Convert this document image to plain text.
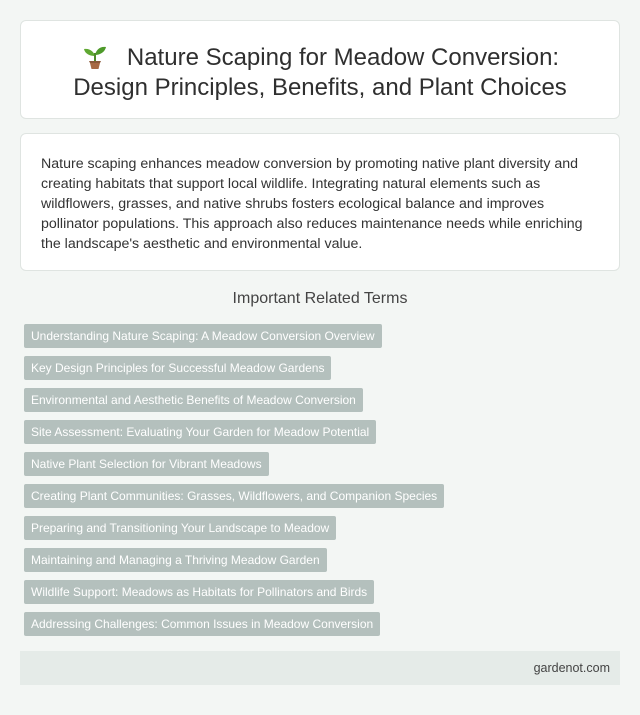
Nature Scaping for Meadow Conversion:
Design Principles, Benefits, and Plant Choices

Nature scaping enhances meadow conversion by promoting native plant diversity and creating habitats that support local wildlife. Integrating natural elements such as wildflowers, grasses, and native shrubs fosters ecological balance and improves pollinator populations. This approach also reduces maintenance needs while enriching the landscape's aesthetic and environmental value.

Important Related Terms
Understanding Nature Scaping: A Meadow Conversion Overview
Key Design Principles for Successful Meadow Gardens
Environmental and Aesthetic Benefits of Meadow Conversion
Site Assessment: Evaluating Your Garden for Meadow Potential
Native Plant Selection for Vibrant Meadows
Creating Plant Communities: Grasses, Wildflowers, and Companion Species
Preparing and Transitioning Your Landscape to Meadow
Maintaining and Managing a Thriving Meadow Garden
Wildlife Support: Meadows as Habitats for Pollinators and Birds
Addressing Challenges: Common Issues in Meadow Conversion
gardenot.com
